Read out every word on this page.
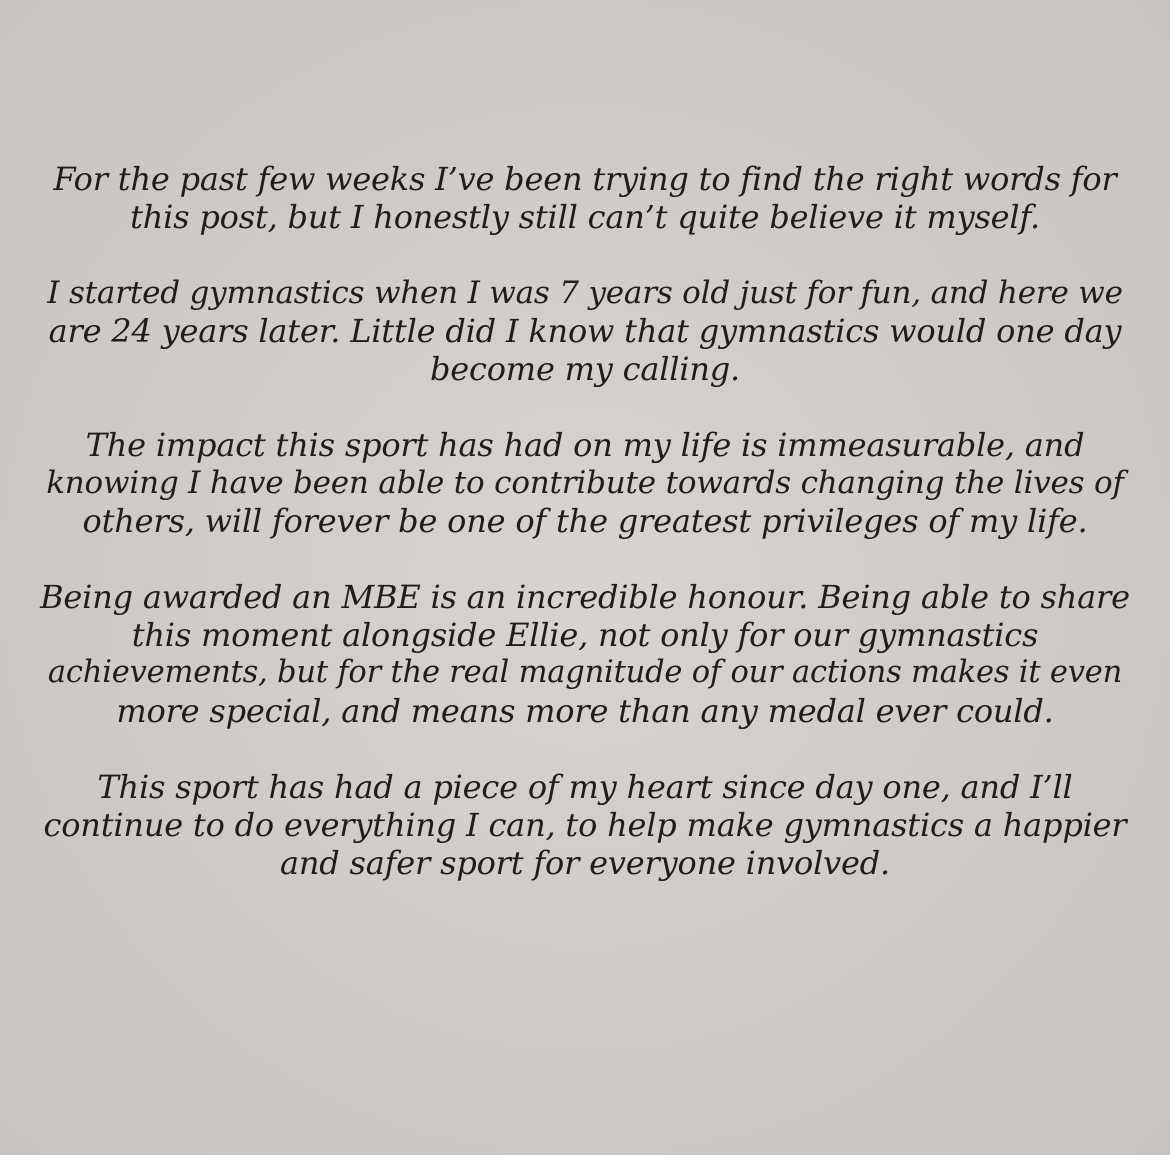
For the past few weeks I’ve been trying to find the right words for
this post, but I honestly still can’t quite believe it myself.

I started gymnastics when I was 7 years old just for fun, and here we
are 24 years later. Little did I know that gymnastics would one day
become my calling.

The impact this sport has had on my life is immeasurable, and
knowing I have been able to contribute towards changing the lives of
others, will forever be one of the greatest privileges of my life.

Being awarded an MBE is an incredible honour. Being able to share
this moment alongside Ellie, not only for our gymnastics
achievements, but for the real magnitude of our actions makes it even
more special, and means more than any medal ever could.

This sport has had a piece of my heart since day one, and I’ll
continue to do everything I can, to help make gymnastics a happier
and safer sport for everyone involved.
